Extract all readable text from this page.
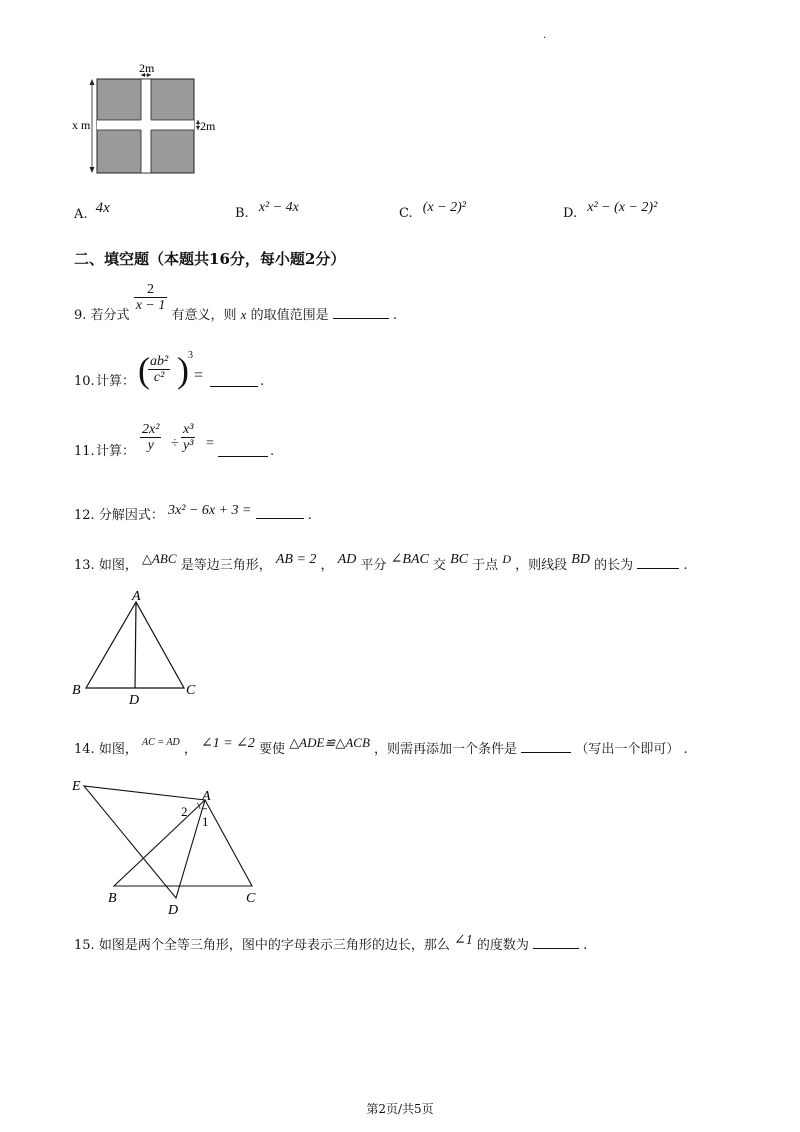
.
2m
2m
x m
A. 4x	B. x² − 4x	C. (x − 2)²	D. x² − (x − 2)²
二、填空题（本题共16分，每小题2分）
9. 若分式
$\frac{2}{x - 1}$
有意义，则 x 的取值范围是	.
10. 计算： (
$\frac{\text{ab²}}{\text{c²}}$ ) 3
=	.
11. 计算： $\frac{\text{2x²}}{y} \div \frac{\text{x³}}{\text{y³}}$ =
.
12. 分解因式： 3x² − 6x + 3 =	.
13. 如图， △ABC 是等边三角形， AB = 2 ， AD 平分 ∠BAC 交 BC 于点 D ，则线段 BD 的长为	.
A
B	C
D
14. 如图， $^{AC = AD}$ ， ∠1 = ∠2 要使 △ADE≌△ACB ，则需再添加一个条件是	（写出一个即可） .
E
A
B
D
C
2
1
15. 如图是两个全等三角形，图中的字母表示三角形的边长，那么 ∠1 的度数为	.
第2页/共5页
